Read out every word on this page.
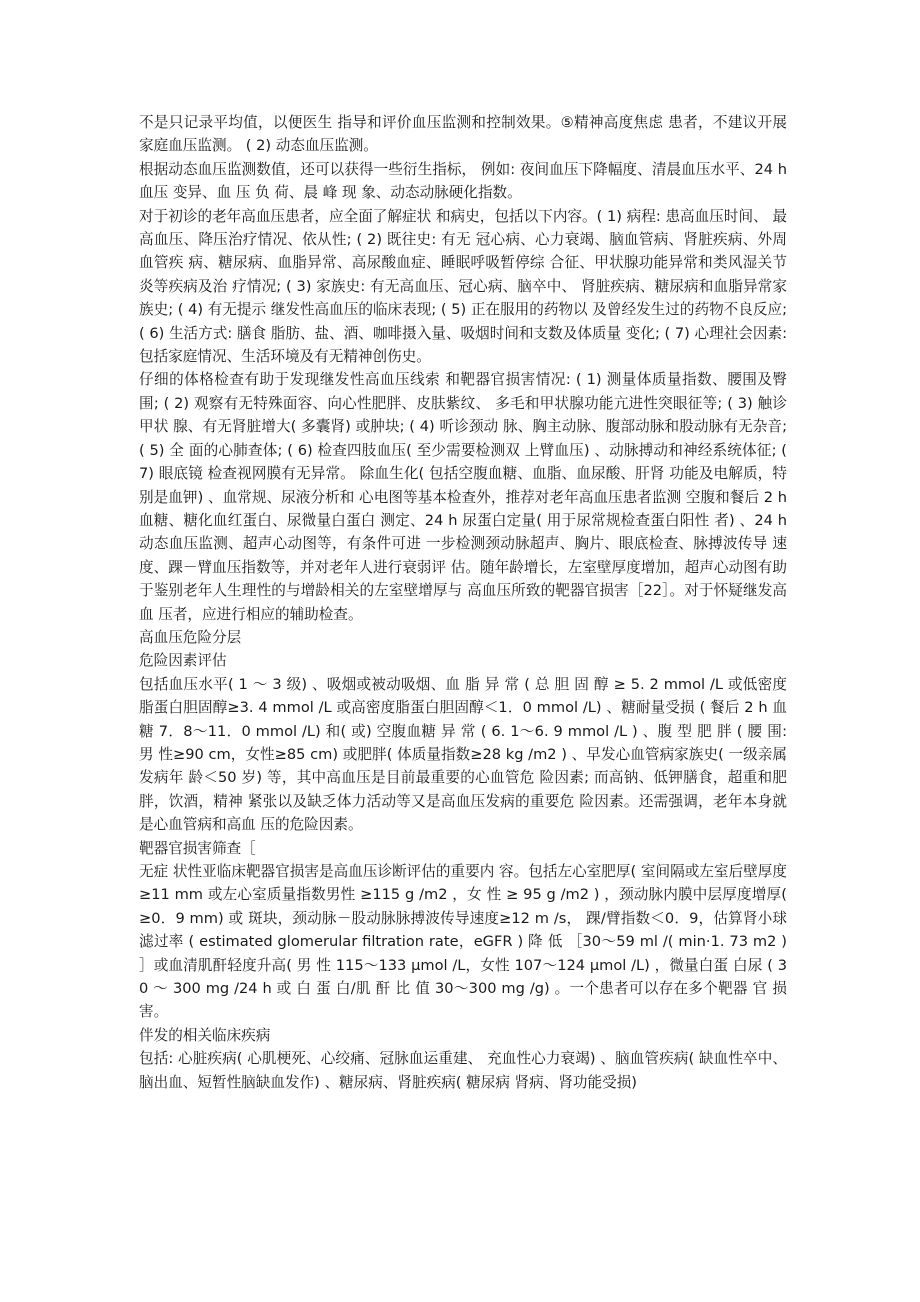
不是只记录平均值，以便医生 指导和评价血压监测和控制效果。⑤精神高度焦虑 患者，不建议开展家庭血压监测。 ( 2) 动态血压监测。

根据动态血压监测数值，还可以获得一些衍生指标， 例如: 夜间血压下降幅度、清晨血压水平、24 h 血压 变异、血 压 负 荷、晨 峰 现 象、动态动脉硬化指数。

对于初诊的老年高血压患者，应全面了解症状 和病史，包括以下内容。( 1) 病程: 患高血压时间、 最高血压、降压治疗情况、依从性; ( 2) 既往史: 有无 冠心病、心力衰竭、脑血管病、肾脏疾病、外周血管疾 病、糖尿病、血脂异常、高尿酸血症、睡眠呼吸暂停综 合征、甲状腺功能异常和类风湿关节炎等疾病及治 疗情况; ( 3) 家族史: 有无高血压、冠心病、脑卒中、 肾脏疾病、糖尿病和血脂异常家族史; ( 4) 有无提示 继发性高血压的临床表现; ( 5) 正在服用的药物以 及曾经发生过的药物不良反应; ( 6) 生活方式: 膳食 脂肪、盐、酒、咖啡摄入量、吸烟时间和支数及体质量 变化; ( 7) 心理社会因素: 包括家庭情况、生活环境及有无精神创伤史。

仔细的体格检查有助于发现继发性高血压线索 和靶器官损害情况: ( 1) 测量体质量指数、腰围及臀 围; ( 2) 观察有无特殊面容、向心性肥胖、皮肤紫纹、 多毛和甲状腺功能亢进性突眼征等; ( 3) 触诊甲状 腺、有无肾脏增大( 多囊肾) 或肿块; ( 4) 听诊颈动 脉、胸主动脉、腹部动脉和股动脉有无杂音; ( 5) 全 面的心肺查体; ( 6) 检查四肢血压( 至少需要检测双 上臂血压) 、动脉搏动和神经系统体征; ( 7) 眼底镜 检查视网膜有无异常。 除血生化( 包括空腹血糖、血脂、血尿酸、肝肾 功能及电解质，特别是血钾) 、血常规、尿液分析和 心电图等基本检查外，推荐对老年高血压患者监测 空腹和餐后 2 h 血糖、糖化血红蛋白、尿微量白蛋白 测定、24 h 尿蛋白定量( 用于尿常规检查蛋白阳性 者) 、24 h 动态血压监测、超声心动图等，有条件可进 一步检测颈动脉超声、胸片、眼底检查、脉搏波传导 速度、踝－臂血压指数等，并对老年人进行衰弱评 估。随年龄增长，左室壁厚度增加，超声心动图有助于鉴别老年人生理性的与增龄相关的左室壁增厚与 高血压所致的靶器官损害［22］。对于怀疑继发高血 压者，应进行相应的辅助检查。

高血压危险分层

危险因素评估

包括血压水平( 1 ～ 3 级) 、吸烟或被动吸烟、血 脂 异 常 ( 总 胆 固 醇 ≥ 5. 2 mmol /L 或低密度脂蛋白胆固醇≥3. 4 mmol /L 或高密度脂蛋白胆固醇＜1．0 mmol /L) 、糖耐量受损 ( 餐后 2 h 血糖 7．8～11．0 mmol /L) 和( 或) 空腹血糖 异 常 ( 6. 1～6. 9 mmol /L ) 、腹 型 肥 胖 ( 腰 围: 男 性≥90 cm，女性≥85 cm) 或肥胖( 体质量指数≥28 kg /m2 ) 、早发心血管病家族史( 一级亲属发病年 龄＜50 岁) 等，其中高血压是目前最重要的心血管危 险因素; 而高钠、低钾膳食，超重和肥胖，饮酒，精神 紧张以及缺乏体力活动等又是高血压发病的重要危 险因素。还需强调，老年本身就是心血管病和高血 压的危险因素。

靶器官损害筛查［

无症 状性亚临床靶器官损害是高血压诊断评估的重要内 容。包括左心室肥厚( 室间隔或左室后壁厚度≥11 mm 或左心室质量指数男性 ≥115 g /m2 ，女 性 ≥ 95 g /m2 ) ，颈动脉内膜中层厚度增厚( ≥0．9 mm) 或 斑块，颈动脉－股动脉脉搏波传导速度≥12 m /s， 踝/臂指数＜0．9，估算肾小球滤过率 ( estimated glomerular filtration rate，eGFR ) 降 低 ［30～59 ml /( min·1. 73 m2 ) ］或血清肌酐轻度升高( 男 性 115～133 μmol /L，女性 107～124 μmol /L) ，微量白蛋 白尿 ( 30 ～ 300 mg /24 h 或 白 蛋 白/肌 酐 比 值 30～300 mg /g) 。一个患者可以存在多个靶器 官 损害。

伴发的相关临床疾病

包括: 心脏疾病( 心肌梗死、心绞痛、冠脉血运重建、 充血性心力衰竭) 、脑血管疾病( 缺血性卒中、脑出血、短暂性脑缺血发作) 、糖尿病、肾脏疾病( 糖尿病 肾病、肾功能受损)
